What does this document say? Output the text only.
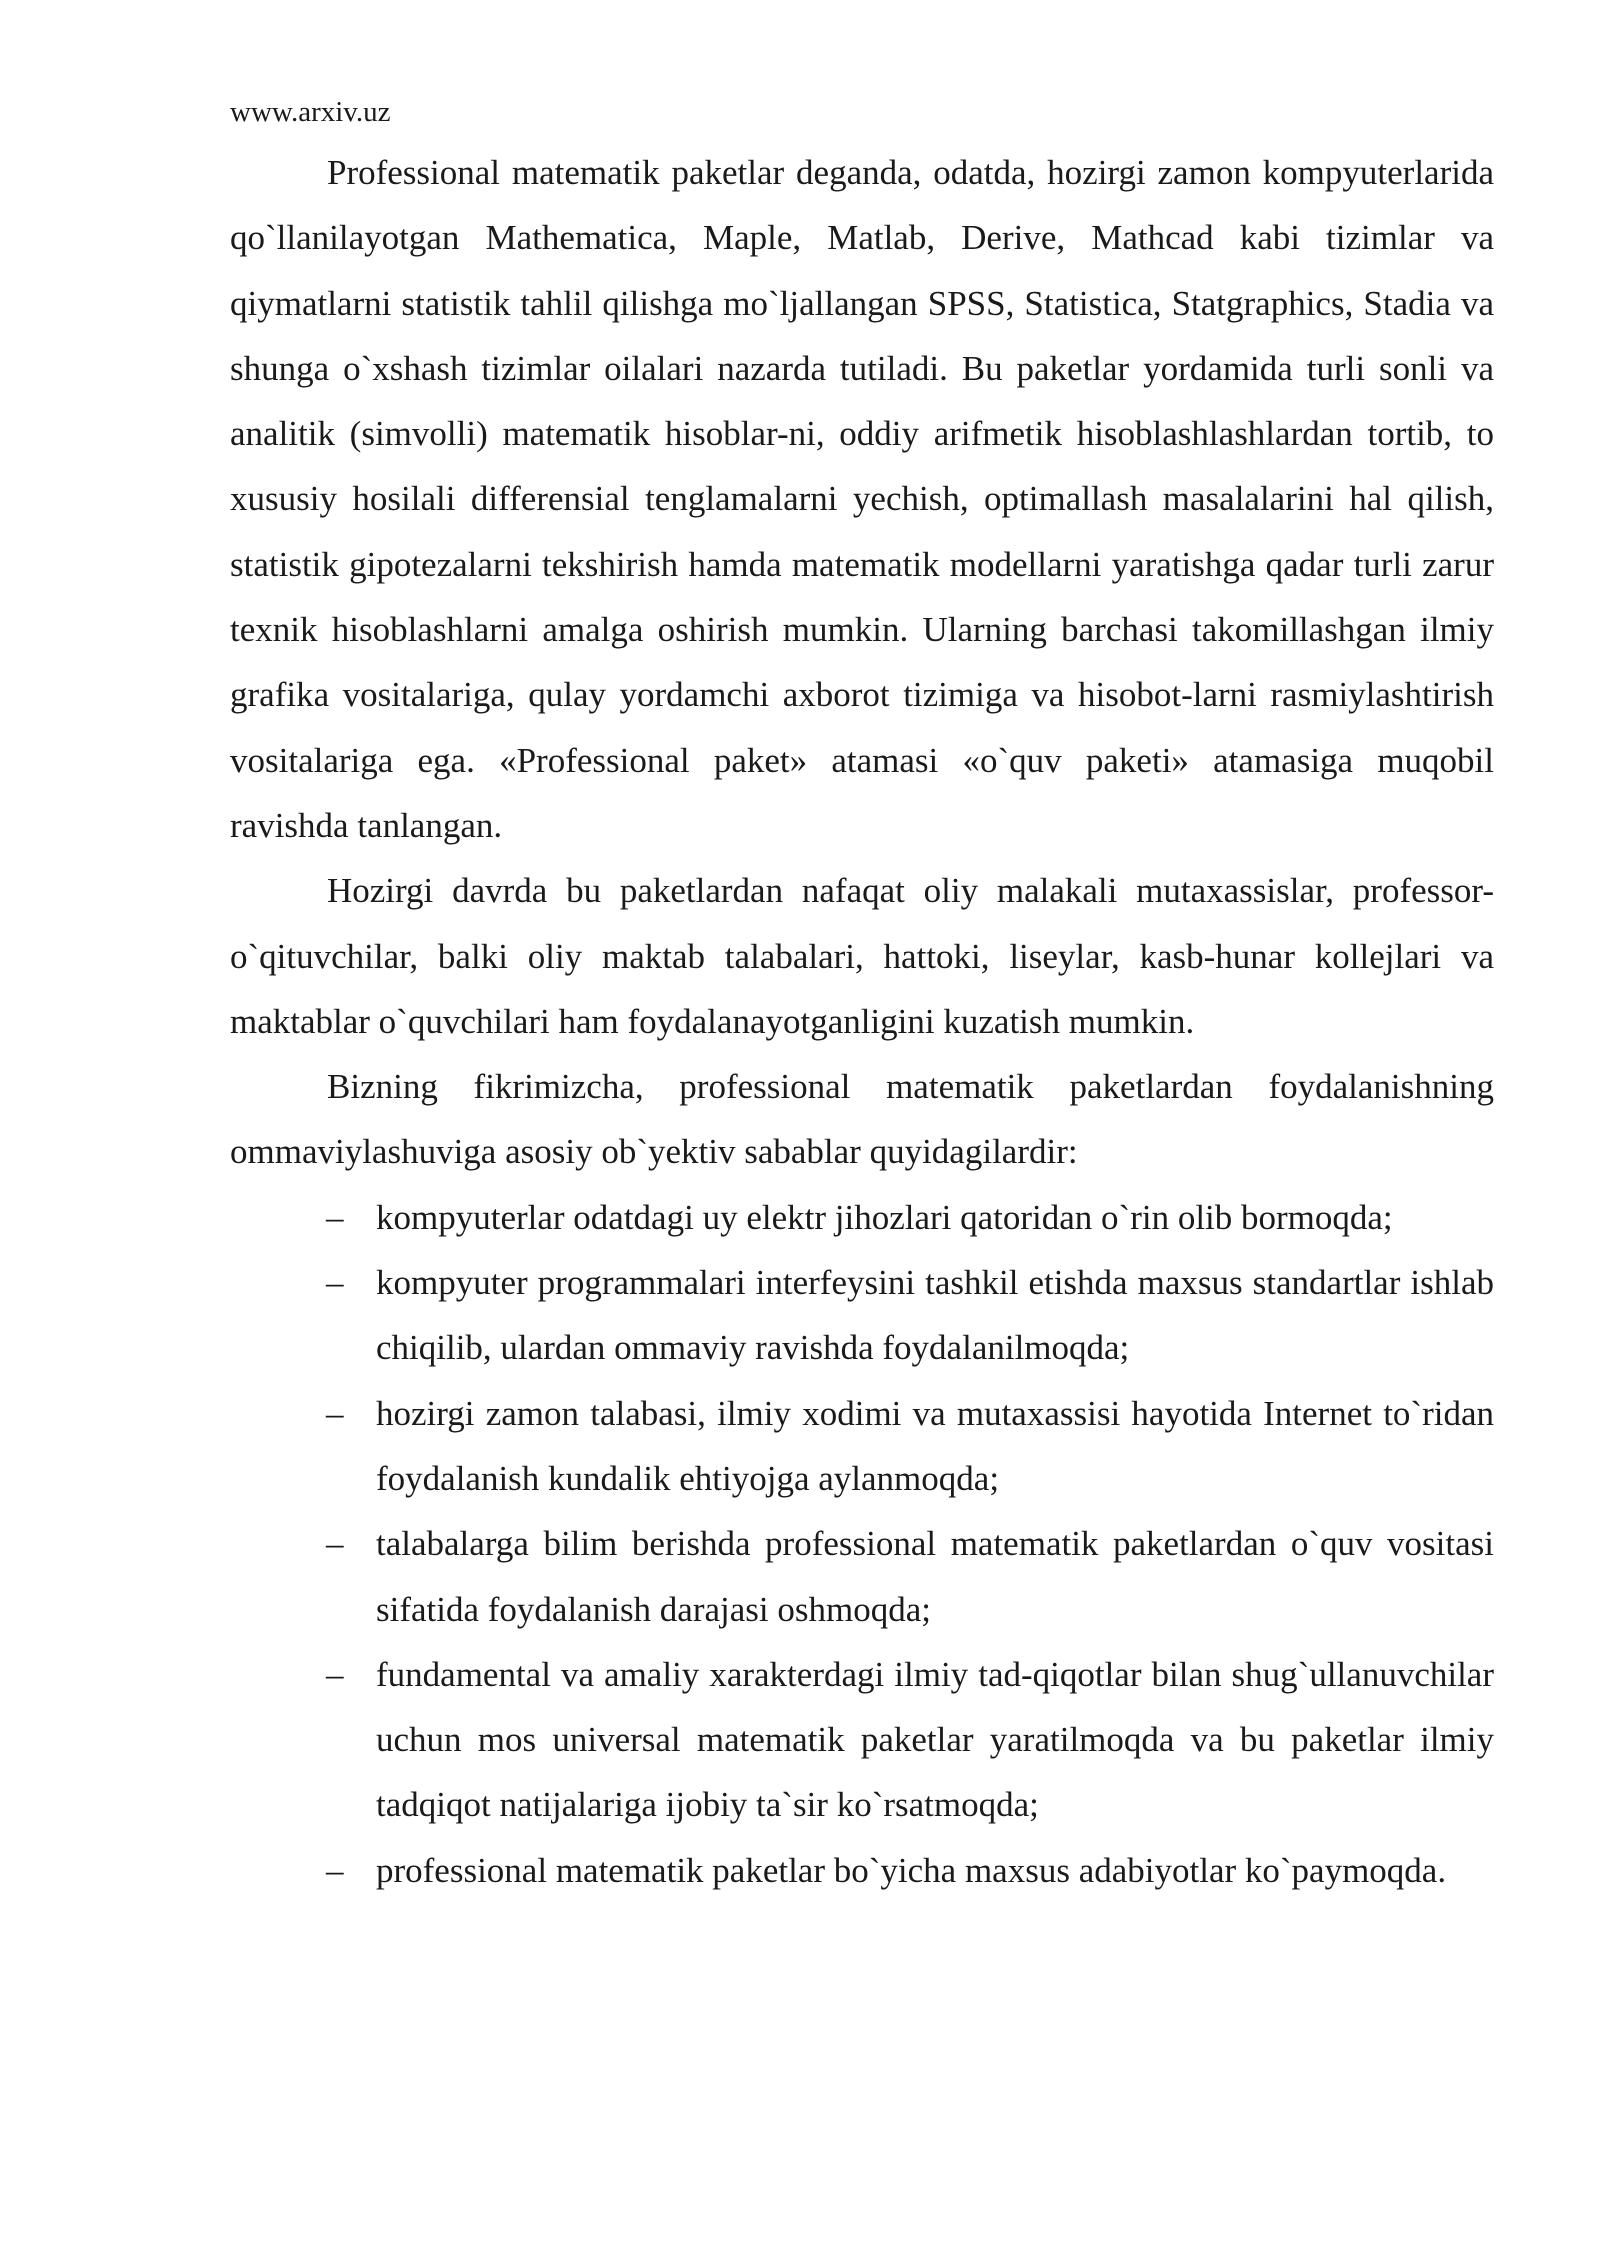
www.arxiv.uz

Professional matematik paketlar deganda, odatda, hozirgi zamon kompyuterlarida qo`llanilayotgan Mathematica, Maple, Matlab, Derive, Mathcad kabi tizimlar va qiymatlarni statistik tahlil qilishga mo`ljallangan SPSS, Statistica, Statgraphics, Stadia va shunga o`xshash tizimlar oilalari nazarda tutiladi. Bu paketlar yordamida turli sonli va analitik (simvolli) matematik hisoblar-ni, oddiy arifmetik hisoblashlashlardan tortib, to xususiy hosilali differensial tenglamalarni yechish, optimallash masalalarini hal qilish, statistik gipotezalarni tekshirish hamda matematik modellarni yaratishga qadar turli zarur texnik hisoblashlarni amalga oshirish mumkin. Ularning barchasi takomillashgan ilmiy grafika vositalariga, qulay yordamchi axborot tizimiga va hisobot-larni rasmiylashtirish vositalariga ega. «Professional paket» atamasi «o`quv paketi» atamasiga muqobil ravishda tanlangan.

Hozirgi davrda bu paketlardan nafaqat oliy malakali mutaxassislar, professor-o`qituvchilar, balki oliy maktab talabalari, hattoki, liseylar, kasb-hunar kollejlari va maktablar o`quvchilari ham foydalanayotganligini kuzatish mumkin.

Bizning fikrimizcha, professional matematik paketlardan foydalanishning ommaviylashuviga asosiy ob`yektiv sabablar quyidagilardir:

– kompyuterlar odatdagi uy elektr jihozlari qatoridan o`rin olib bormoqda;
– kompyuter programmalari interfeysini tashkil etishda maxsus standartlar ishlab chiqilib, ulardan ommaviy ravishda foydalanilmoqda;
– hozirgi zamon talabasi, ilmiy xodimi va mutaxassisi hayotida Internet to`ridan foydalanish kundalik ehtiyojga aylanmoqda;
– talabalarga bilim berishda professional matematik paketlardan o`quv vositasi sifatida foydalanish darajasi oshmoqda;
– fundamental va amaliy xarakterdagi ilmiy tad-qiqotlar bilan shug`ullanuvchilar uchun mos universal matematik paketlar yaratilmoqda va bu paketlar ilmiy tadqiqot natijalariga ijobiy ta`sir ko`rsatmoqda;
– professional matematik paketlar bo`yicha maxsus adabiyotlar ko`paymoqda.
